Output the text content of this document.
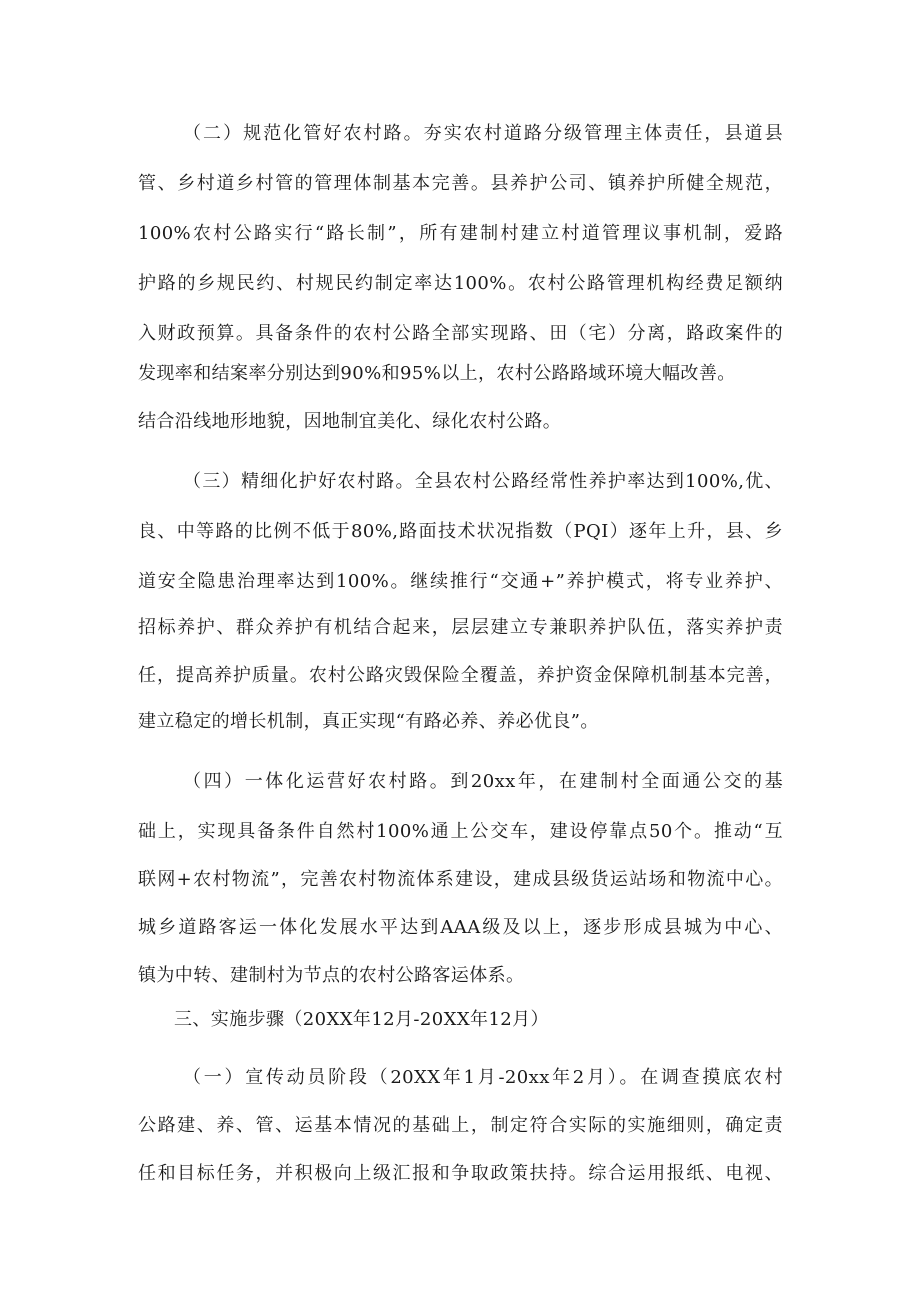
（二）规范化管好农村路。夯实农村道路分级管理主体责任，县道县
管、乡村道乡村管的管理体制基本完善。县养护公司、镇养护所健全规范，
100%农村公路实行“路长制”，所有建制村建立村道管理议事机制，爱路
护路的乡规民约、村规民约制定率达100%。农村公路管理机构经费足额纳
入财政预算。具备条件的农村公路全部实现路、田（宅）分离，路政案件的
发现率和结案率分别达到90%和95%以上，农村公路路域环境大幅改善。
结合沿线地形地貌，因地制宜美化、绿化农村公路。
（三）精细化护好农村路。全县农村公路经常性养护率达到100%,优、
良、中等路的比例不低于80%,路面技术状况指数（PQI）逐年上升，县、乡
道安全隐患治理率达到100%。继续推行“交通+”养护模式，将专业养护、
招标养护、群众养护有机结合起来，层层建立专兼职养护队伍，落实养护责
任，提高养护质量。农村公路灾毁保险全覆盖，养护资金保障机制基本完善，
建立稳定的增长机制，真正实现“有路必养、养必优良”。
（四）一体化运营好农村路。到20xx年，在建制村全面通公交的基
础上，实现具备条件自然村100%通上公交车，建设停靠点50个。推动“互
联网+农村物流”，完善农村物流体系建设，建成县级货运站场和物流中心。
城乡道路客运一体化发展水平达到AAA级及以上，逐步形成县城为中心、
镇为中转、建制村为节点的农村公路客运体系。
三、实施步骤（20XX年12月-20XX年12月）
（一）宣传动员阶段（20XX年1月-20xx年2月）。在调查摸底农村
公路建、养、管、运基本情况的基础上，制定符合实际的实施细则，确定责
任和目标任务，并积极向上级汇报和争取政策扶持。综合运用报纸、电视、
